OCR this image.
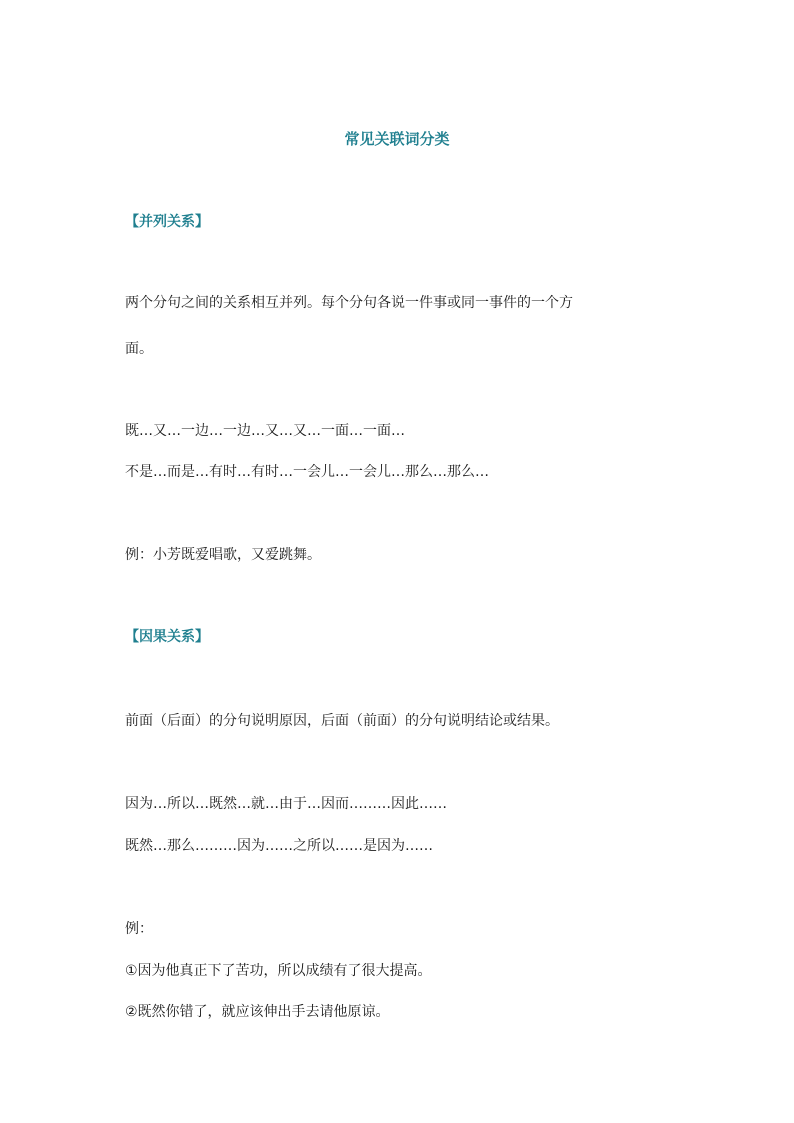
常见关联词分类
【并列关系】
两个分句之间的关系相互并列。每个分句各说一件事或同一事件的一个方
面。
既…又…一边…一边…又…又…一面…一面…
不是…而是…有时…有时…一会儿…一会儿…那么…那么…
例：小芳既爱唱歌，又爱跳舞。
【因果关系】
前面（后面）的分句说明原因，后面（前面）的分句说明结论或结果。
因为…所以…既然…就…由于…因而………因此……
既然…那么………因为……之所以……是因为……
例：
①因为他真正下了苦功，所以成绩有了很大提高。
②既然你错了，就应该伸出手去请他原谅。
